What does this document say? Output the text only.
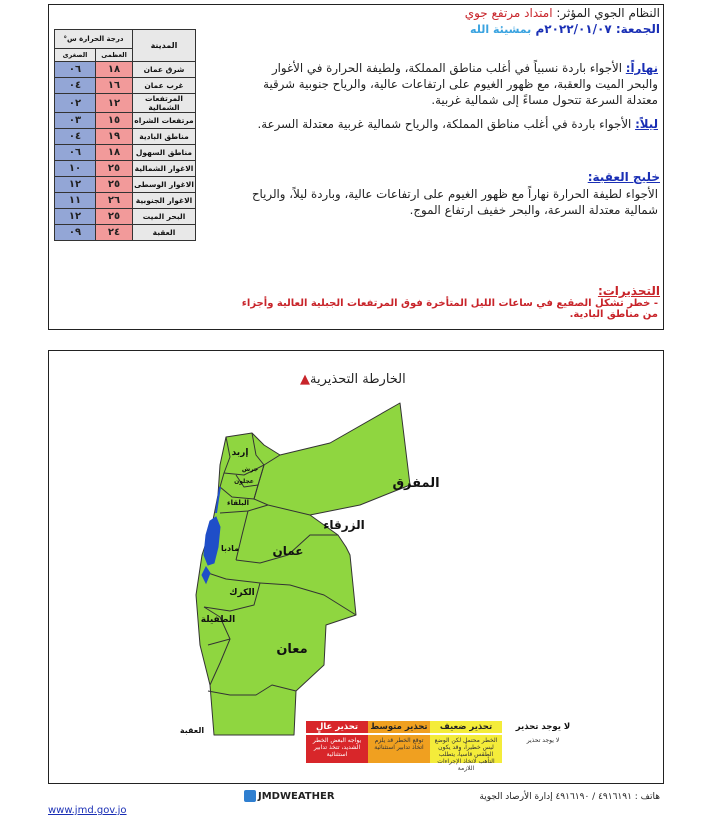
النظام الجوي المؤثر: امتداد مرتفع جوي
الجمعة: ٢٠٢٢/٠١/٠٧م بمشيئة الله
نهاراً: الأجواء باردة نسبياً في أغلب مناطق المملكة، ولطيفة الحرارة في الأغوار والبحر الميت والعقبة، مع ظهور الغيوم على ارتفاعات عالية، والرياح جنوبية شرقية معتدلة السرعة تتحول مساءً إلى شمالية غربية.
ليلاً: الأجواء باردة في أغلب مناطق المملكة، والرياح شمالية غربية معتدلة السرعة.
خليج العقبة:
الأجواء لطيفة الحرارة نهاراً مع ظهور الغيوم على ارتفاعات عالية، وباردة ليلاً، والرياح شمالية معتدلة السرعة، والبحر خفيف ارتفاع الموج.
التحذيرات:
- خطر تشكل الصقيع في ساعات الليل المتأخرة فوق المرتفعات الجبلية العالية وأجزاء من مناطق البادية.
المدينة	درجة الحرارة س°	
	العظمى	الصغرى
شرق عمان	١٨	٠٦
غرب عمان	١٦	٠٤
المرتفعات الشمالية	١٢	٠٢
مرتفعات الشراه	١٥	٠٣
مناطق البادية	١٩	٠٤
مناطق السهول	١٨	٠٦
الاغوار الشمالية	٢٥	١٠
الاغوار الوسطى	٢٥	١٢
الاغوار الجنوبية	٢٦	١١
البحر الميت	٢٥	١٢
العقبة	٢٤	٠٩
الخارطة التحذيرية▲
إربد
عجلون
جرش
البلقاء
المفرق
الزرقاء
عمان
مادبا
الكرك
الطفيلة
معان
العقبة	لا يوجد تحذير
تحذير ضعيف
تحذير متوسط
تحذير عالٍ
لا يوجد تحذير
الخطر محتمل لكن الوضع ليس خطيراً، وقد يكون الطقس قاسياً، يتطلب التأهب لاتخاذ الإجراءات اللازمة
توقع الخطر قد يلزم اتخاذ تدابير استثنائية
يواجه البعض الخطر الشديد، تتخذ تدابير استثنائية
JMDWEATHER	هاتف : ٤٩١٦١٩١ / ٤٩١٦١٩٠ إدارة الأرصاد الجوية
www.jmd.gov.jo
